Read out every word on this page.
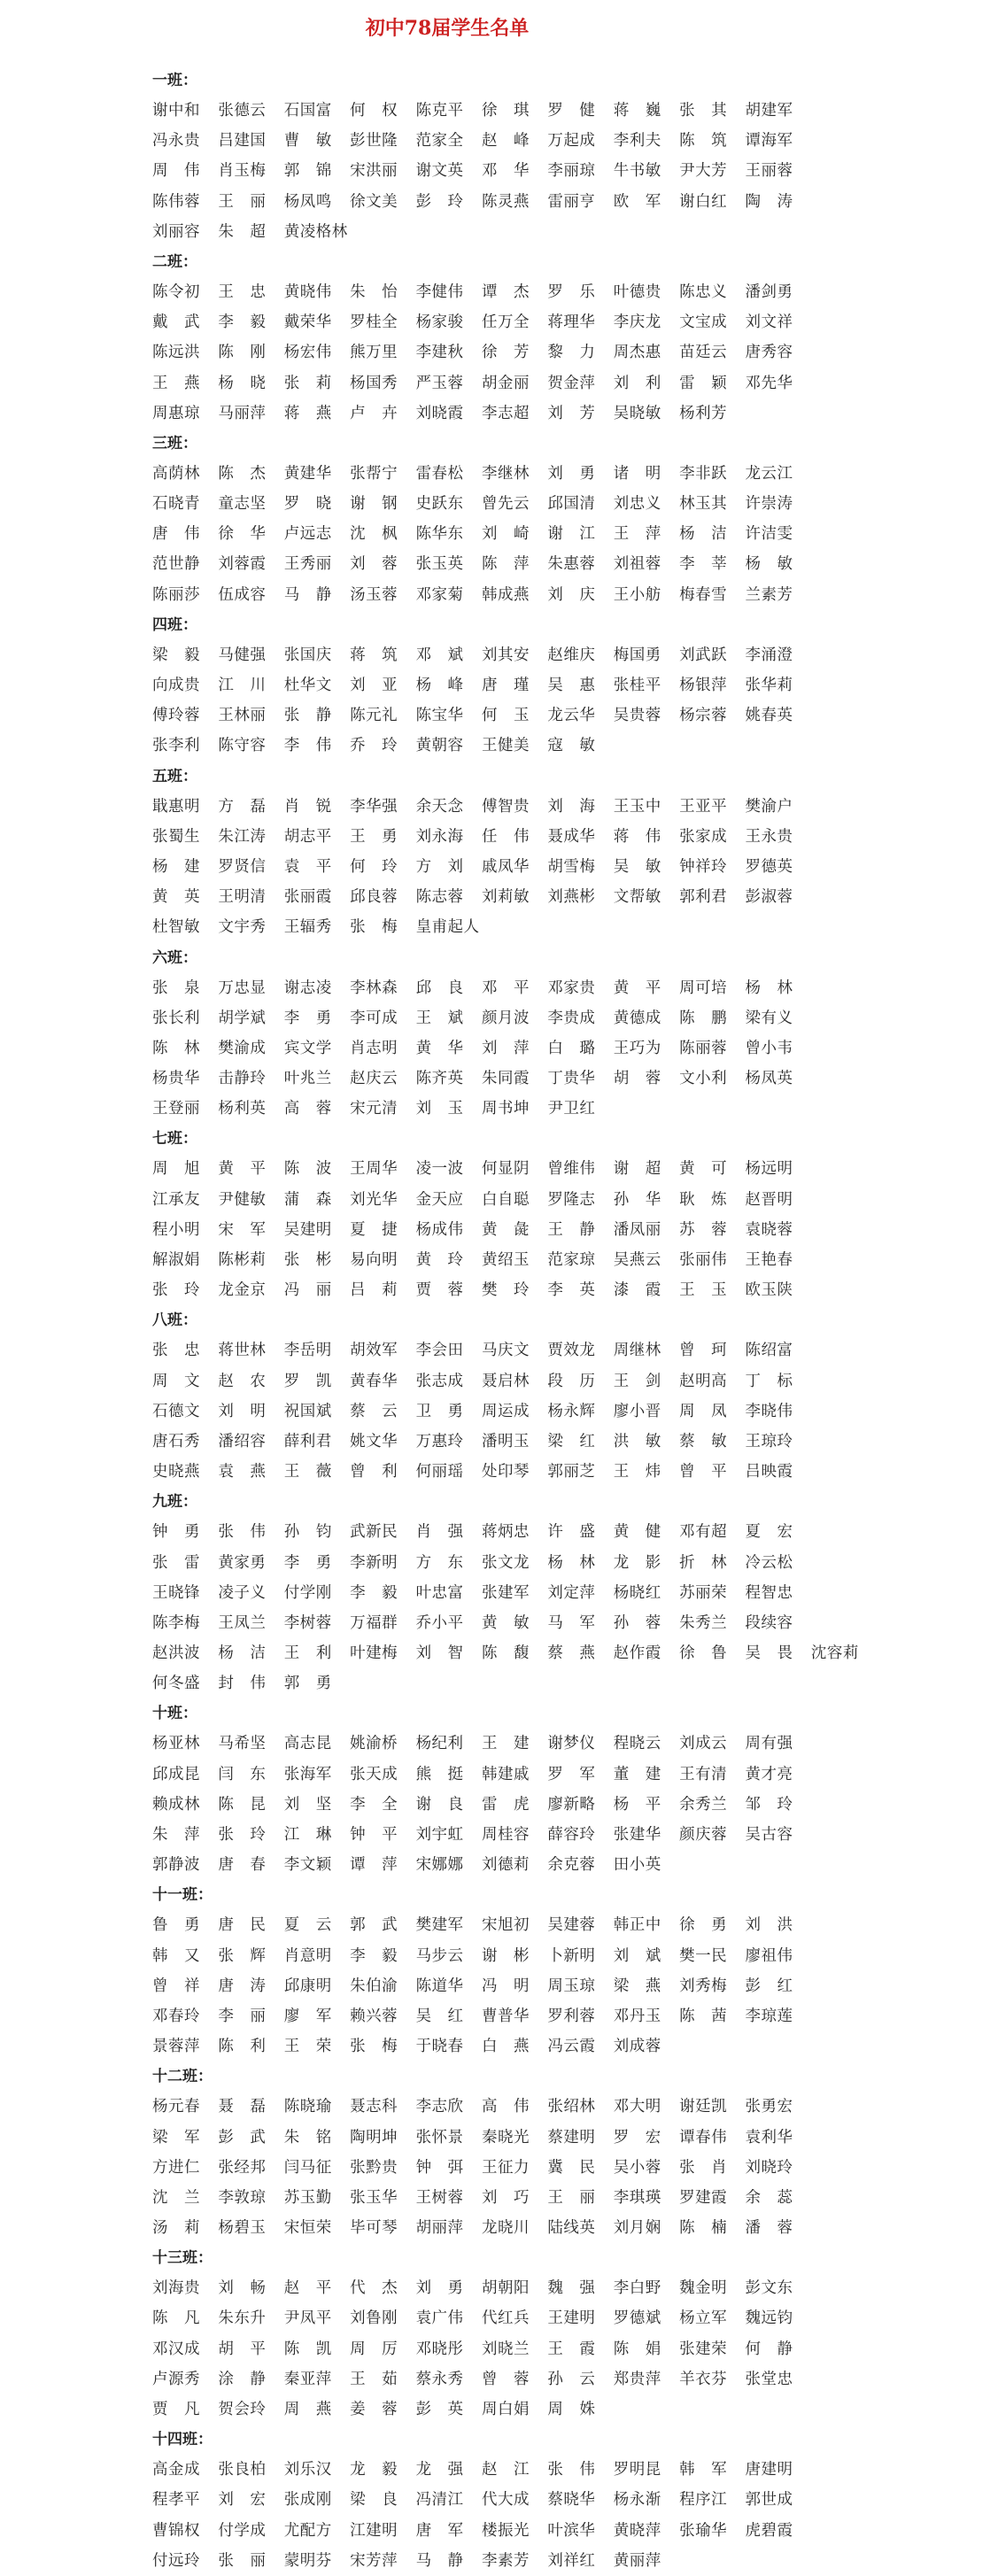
初中78届学生名单
一班：
谢中和	张德云	石国富	何　权	陈克平	徐　琪	罗　健	蒋　巍	张　其	胡建军
冯永贵	吕建国	曹　敏	彭世隆	范家全	赵　峰	万起成	李利夫	陈　筑	谭海军
周　伟	肖玉梅	郭　锦	宋洪丽	谢文英	邓　华	李丽琼	牛书敏	尹大芳	王丽蓉
陈伟蓉	王　丽	杨凤鸣	徐文美	彭　玲	陈灵燕	雷丽亨	欧　军	谢白红	陶　涛
刘丽容	朱　超	黄凌格林
二班：
陈令初	王　忠	黄晓伟	朱　怡	李健伟	谭　杰	罗　乐	叶德贵	陈忠义	潘剑勇
戴　武	李　毅	戴荣华	罗桂全	杨家骏	任万全	蒋理华	李庆龙	文宝成	刘文祥
陈远洪	陈　刚	杨宏伟	熊万里	李建秋	徐　芳	黎　力	周杰惠	苗廷云	唐秀容
王　燕	杨　晓	张　莉	杨国秀	严玉蓉	胡金丽	贺金萍	刘　利	雷　颖	邓先华
周惠琼	马丽萍	蒋　燕	卢　卉	刘晓霞	李志超	刘　芳	吴晓敏	杨利芳
三班：
高荫林	陈　杰	黄建华	张帮宁	雷春松	李继林	刘　勇	诸　明	李非跃	龙云江
石晓青	童志坚	罗　晓	谢　钢	史跃东	曾先云	邱国清	刘忠义	林玉其	许崇涛
唐　伟	徐　华	卢远志	沈　枫	陈华东	刘　崎	谢　江	王　萍	杨　洁	许洁雯
范世静	刘蓉霞	王秀丽	刘　蓉	张玉英	陈　萍	朱惠蓉	刘祖蓉	李　莘	杨　敏
陈丽莎	伍成容	马　静	汤玉蓉	邓家菊	韩成燕	刘　庆	王小舫	梅春雪	兰素芳
四班：
梁　毅	马健强	张国庆	蒋　筑	邓　斌	刘其安	赵维庆	梅国勇	刘武跃	李涌澄
向成贵	江　川	杜华文	刘　亚	杨　峰	唐　瑾	吴　惠	张桂平	杨银萍	张华莉
傅玲蓉	王林丽	张　静	陈元礼	陈宝华	何　玉	龙云华	吴贵蓉	杨宗蓉	姚春英
张李利	陈守容	李　伟	乔　玲	黄朝容	王健美	寇　敏
五班：
戢惠明	方　磊	肖　锐	李华强	余天念	傅智贵	刘　海	王玉中	王亚平	樊渝户
张蜀生	朱江涛	胡志平	王　勇	刘永海	任　伟	聂成华	蒋　伟	张家成	王永贵
杨　建	罗贤信	袁　平	何　玲	方　刘	戚凤华	胡雪梅	吴　敏	钟祥玲	罗德英
黄　英	王明清	张丽霞	邱良蓉	陈志蓉	刘莉敏	刘燕彬	文帮敏	郭利君	彭淑蓉
杜智敏	文宇秀	王辐秀	张　梅	皇甫起人
六班：
张　泉	万忠显	谢志凌	李林森	邱　良	邓　平	邓家贵	黄　平	周可培	杨　林
张长利	胡学斌	李　勇	李可成	王　斌	颜月波	李贵成	黄德成	陈　鹏	梁有义
陈　林	樊渝成	宾文学	肖志明	黄　华	刘　萍	白　璐	王巧为	陈丽蓉	曾小韦
杨贵华	击静玲	叶兆兰	赵庆云	陈齐英	朱同霞	丁贵华	胡　蓉	文小利	杨凤英
王登丽	杨利英	高　蓉	宋元清	刘　玉	周书坤	尹卫红
七班：
周　旭	黄　平	陈　波	王周华	凌一波	何显阴	曾维伟	谢　超	黄　可	杨远明
江承友	尹健敏	蒲　森	刘光华	金天应	白自聪	罗隆志	孙　华	耿　炼	赵晋明
程小明	宋　军	吴建明	夏　捷	杨成伟	黄　彘	王　静	潘凤丽	苏　蓉	袁晓蓉
解淑娟	陈彬莉	张　彬	易向明	黄　玲	黄绍玉	范家琼	吴燕云	张丽伟	王艳春
张　玲	龙金京	冯　丽	吕　莉	贾　蓉	樊　玲	李　英	漆　霞	王　玉	欧玉陕
八班：
张　忠	蒋世林	李岳明	胡效军	李会田	马庆文	贾效龙	周继林	曾　珂	陈绍富
周　文	赵　农	罗　凯	黄春华	张志成	聂启林	段　历	王　剑	赵明高	丁　标
石德文	刘　明	祝国斌	蔡　云	卫　勇	周运成	杨永辉	廖小晋	周　凤	李晓伟
唐石秀	潘绍容	薛利君	姚文华	万惠玲	潘明玉	梁　红	洪　敏	蔡　敏	王琼玲
史晓燕	袁　燕	王　薇	曾　利	何丽瑶	处印琴	郭丽芝	王　炜	曾　平	吕映霞
九班：
钟　勇	张　伟	孙　钧	武新民	肖　强	蒋炳忠	许　盛	黄　健	邓有超	夏　宏
张　雷	黄家勇	李　勇	李新明	方　东	张文龙	杨　林	龙　影	折　林	冷云松
王晓锋	凌子义	付学刚	李　毅	叶忠富	张建军	刘定萍	杨晓红	苏丽荣	程智忠
陈李梅	王凤兰	李树蓉	万福群	乔小平	黄　敏	马　军	孙　蓉	朱秀兰	段续容
赵洪波	杨　洁	王　利	叶建梅	刘　智	陈　馥	蔡　燕	赵作霞	徐　鲁	吴　畏	沈容莉
何冬盛	封　伟	郭　勇
十班：
杨亚林	马希坚	高志昆	姚渝桥	杨纪利	王　建	谢梦仪	程晓云	刘成云	周有强
邱成昆	闫　东	张海军	张天成	熊　挺	韩建戚	罗　军	董　建	王有清	黄才亮
赖成林	陈　昆	刘　坚	李　全	谢　良	雷　虎	廖新略	杨　平	余秀兰	邹　玲
朱　萍	张　玲	江　琳	钟　平	刘宇虹	周桂容	薛容玲	张建华	颜庆蓉	吴古容
郭静波	唐　春	李文颖	谭　萍	宋娜娜	刘德莉	余克蓉	田小英
十一班：
鲁　勇	唐　民	夏　云	郭　武	樊建军	宋旭初	吴建蓉	韩正中	徐　勇	刘　洪
韩　又	张　辉	肖意明	李　毅	马步云	谢　彬	卜新明	刘　斌	樊一民	廖祖伟
曾　祥	唐　涛	邱康明	朱伯渝	陈道华	冯　明	周玉琼	梁　燕	刘秀梅	彭　红
邓春玲	李　丽	廖　军	赖兴蓉	吴　红	曹普华	罗利蓉	邓丹玉	陈　茜	李琼莲
景蓉萍	陈　利	王　荣	张　梅	于晓春	白　燕	冯云霞	刘成蓉
十二班：
杨元春	聂　磊	陈晓瑜	聂志科	李志欣	高　伟	张绍林	邓大明	谢廷凯	张勇宏
梁　军	彭　武	朱　铭	陶明坤	张怀景	秦晓光	蔡建明	罗　宏	谭春伟	袁利华
方进仁	张经邦	闫马征	张黔贵	钟　弭	王征力	冀　民	吴小蓉	张　肖	刘晓玲
沈　兰	李敦琼	苏玉勤	张玉华	王树蓉	刘　巧	王　丽	李琪瑛	罗建霞	余　蕊
汤　莉	杨碧玉	宋恒荣	毕可琴	胡丽萍	龙晓川	陆线英	刘月娴	陈　楠	潘　蓉
十三班：
刘海贵	刘　畅	赵　平	代　杰	刘　勇	胡朝阳	魏　强	李白野	魏金明	彭文东
陈　凡	朱东升	尹凤平	刘鲁刚	袁广伟	代红兵	王建明	罗德斌	杨立军	魏远钧
邓汉成	胡　平	陈　凯	周　厉	邓晓彤	刘晓兰	王　霞	陈　娟	张建荣	何　静
卢源秀	涂　静	秦亚萍	王　茹	蔡永秀	曾　蓉	孙　云	郑贵萍	羊衣芬	张堂忠
贾　凡	贺会玲	周　燕	姜　蓉	彭　英	周白娟	周　姝
十四班：
高金成	张良柏	刘乐汉	龙　毅	龙　强	赵　江	张　伟	罗明昆	韩　军	唐建明
程孝平	刘　宏	张成刚	梁　良	冯清江	代大成	蔡晓华	杨永渐	程序江	郭世成
曹锦权	付学成	尤配方	江建明	唐　军	楼振光	叶滨华	黄晓萍	张瑜华	虎碧霞
付远玲	张　丽	蒙明芬	宋芳萍	马　静	李素芳	刘祥红	黄丽萍
